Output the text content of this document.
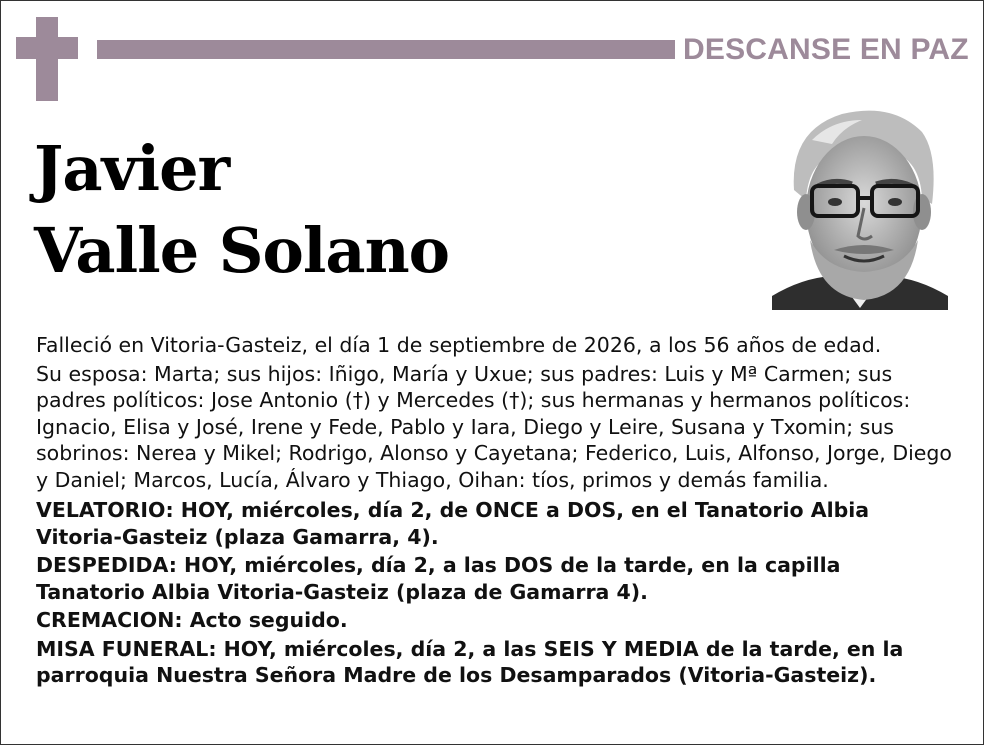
DESCANSE EN PAZ
Javier
Valle Solano

Falleció en Vitoria-Gasteiz, el día 1 de septiembre de 2026, a los 56 años de edad.

Su esposa: Marta; sus hijos: Iñigo, María y Uxue; sus padres: Luis y Mª Carmen; sus padres políticos: Jose Antonio (†) y Mercedes (†); sus hermanas y hermanos políticos: Ignacio, Elisa y José, Irene y Fede, Pablo y Iara, Diego y Leire, Susana y Txomin; sus sobrinos: Nerea y Mikel; Rodrigo, Alonso y Cayetana; Federico, Luis, Alfonso, Jorge, Diego y Daniel; Marcos, Lucía, Álvaro y Thiago, Oihan: tíos, primos y demás familia.

VELATORIO: HOY, miércoles, día 2, de ONCE a DOS, en el Tanatorio Albia Vitoria-Gasteiz (plaza Gamarra, 4).

DESPEDIDA: HOY, miércoles, día 2, a las DOS de la tarde, en la capilla Tanatorio Albia Vitoria-Gasteiz (plaza de Gamarra 4).

CREMACION: Acto seguido.

MISA FUNERAL: HOY, miércoles, día 2, a las SEIS Y MEDIA de la tarde, en la parroquia Nuestra Señora Madre de los Desamparados (Vitoria-Gasteiz).
